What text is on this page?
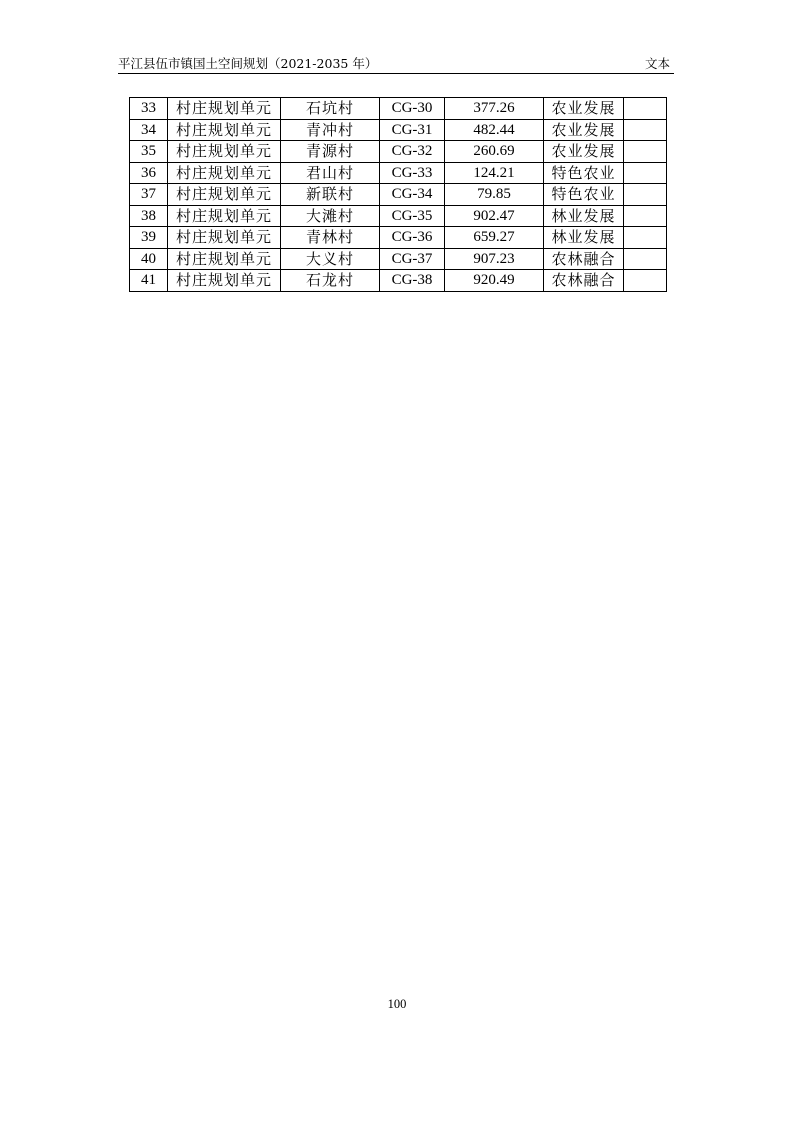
平江县伍市镇国土空间规划（2021-2035 年）	文本
33	村庄规划单元	石坑村	CG-30	377.26	农业发展	
34	村庄规划单元	青冲村	CG-31	482.44	农业发展	
35	村庄规划单元	青源村	CG-32	260.69	农业发展	
36	村庄规划单元	君山村	CG-33	124.21	特色农业	
37	村庄规划单元	新联村	CG-34	79.85	特色农业	
38	村庄规划单元	大滩村	CG-35	902.47	林业发展	
39	村庄规划单元	青林村	CG-36	659.27	林业发展	
40	村庄规划单元	大义村	CG-37	907.23	农林融合	
41	村庄规划单元	石龙村	CG-38	920.49	农林融合	
100
